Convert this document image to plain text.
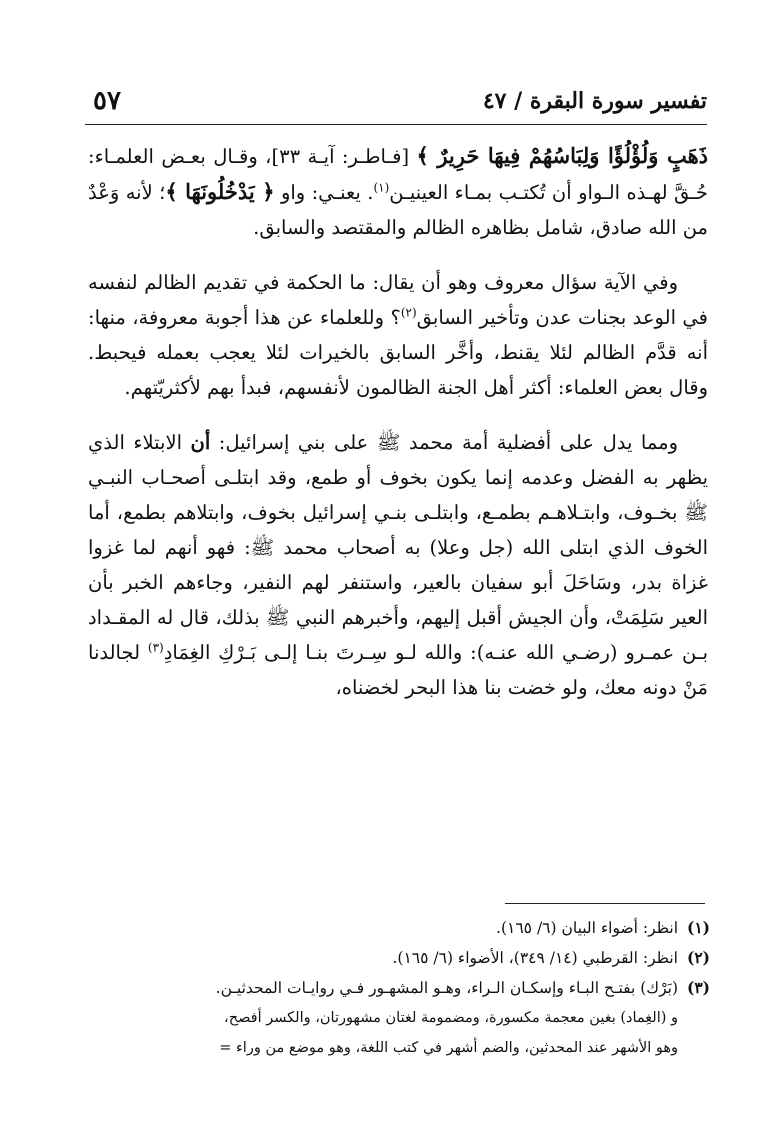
تفسير سورة البقرة / ٤٧
٥٧

ذَهَبٍ وَلُؤْلُؤًا وَلِبَاسُهُمْ فِيهَا حَرِيرٌ ﴾ [فـاطـر: آيـة ٣٣]، وقـال بعـض العلمـاء: حُـقَّ لهـذه الـواو أن تُكتـب بمـاء العينيـن$^{(١)}$. يعنـي: واو ﴿ يَدْخُلُونَهَا ﴾؛ لأنه وَعْدٌ من الله صادق، شامل بظاهره الظالم والمقتصد والسابق.

وفي الآية سؤال معروف وهو أن يقال: ما الحكمة في تقديم الظالم لنفسه في الوعد بجنات عدن وتأخير السابق$^{(٢)}$؟ وللعلماء عن هذا أجوبة معروفة، منها: أنه قدَّم الظالم لئلا يقنط، وأخَّر السابق بالخيرات لئلا يعجب بعمله فيحبط. وقال بعض العلماء: أكثر أهل الجنة الظالمون لأنفسهم، فبدأ بهم لأكثريّتهم.

ومما يدل على أفضلية أمة محمد ﷺ على بني إسرائيل: أن الابتلاء الذي يظهر به الفضل وعدمه إنما يكون بخوف أو طمع، وقد ابتلـى أصحـاب النبـي ﷺ بخـوف، وابتـلاهـم بطمـع، وابتلـى بنـي إسرائيل بخوف، وابتلاهم بطمع، أما الخوف الذي ابتلى الله (جل وعلا) به أصحاب محمد ﷺ: فهو أنهم لما غزوا غزاة بدر، وسَاحَلَ أبو سفيان بالعير، واستنفر لهم النفير، وجاءهم الخبر بأن العير سَلِمَتْ، وأن الجيش أقبل إليهم، وأخبرهم النبي ﷺ بذلك، قال له المقـداد بـن عمـرو (رضـي الله عنـه): والله لـو سِـرتَ بنـا إلـى بَـرْكِ الغِمَادِ$^{(٣)}$ لجالدنا مَنْ دونه معك، ولو خضت بنا هذا البحر لخضناه،

(١)انظر: أضواء البيان (٦/ ١٦٥).
(٢)انظر: القرطبي (١٤/ ٣٤٩)، الأضواء (٦/ ١٦٥).
(٣)(بَرْك) بفتـح البـاء وإسكـان الـراء، وهـو المشهـور فـي روايـات المحدثيـن.
و (الغِماد) بغين معجمة مكسورة، ومضمومة لغتان مشهورتان، والكسر أفصح،
وهو الأشهر عند المحدثين، والضم أشهر في كتب اللغة، وهو موضع من وراء =
